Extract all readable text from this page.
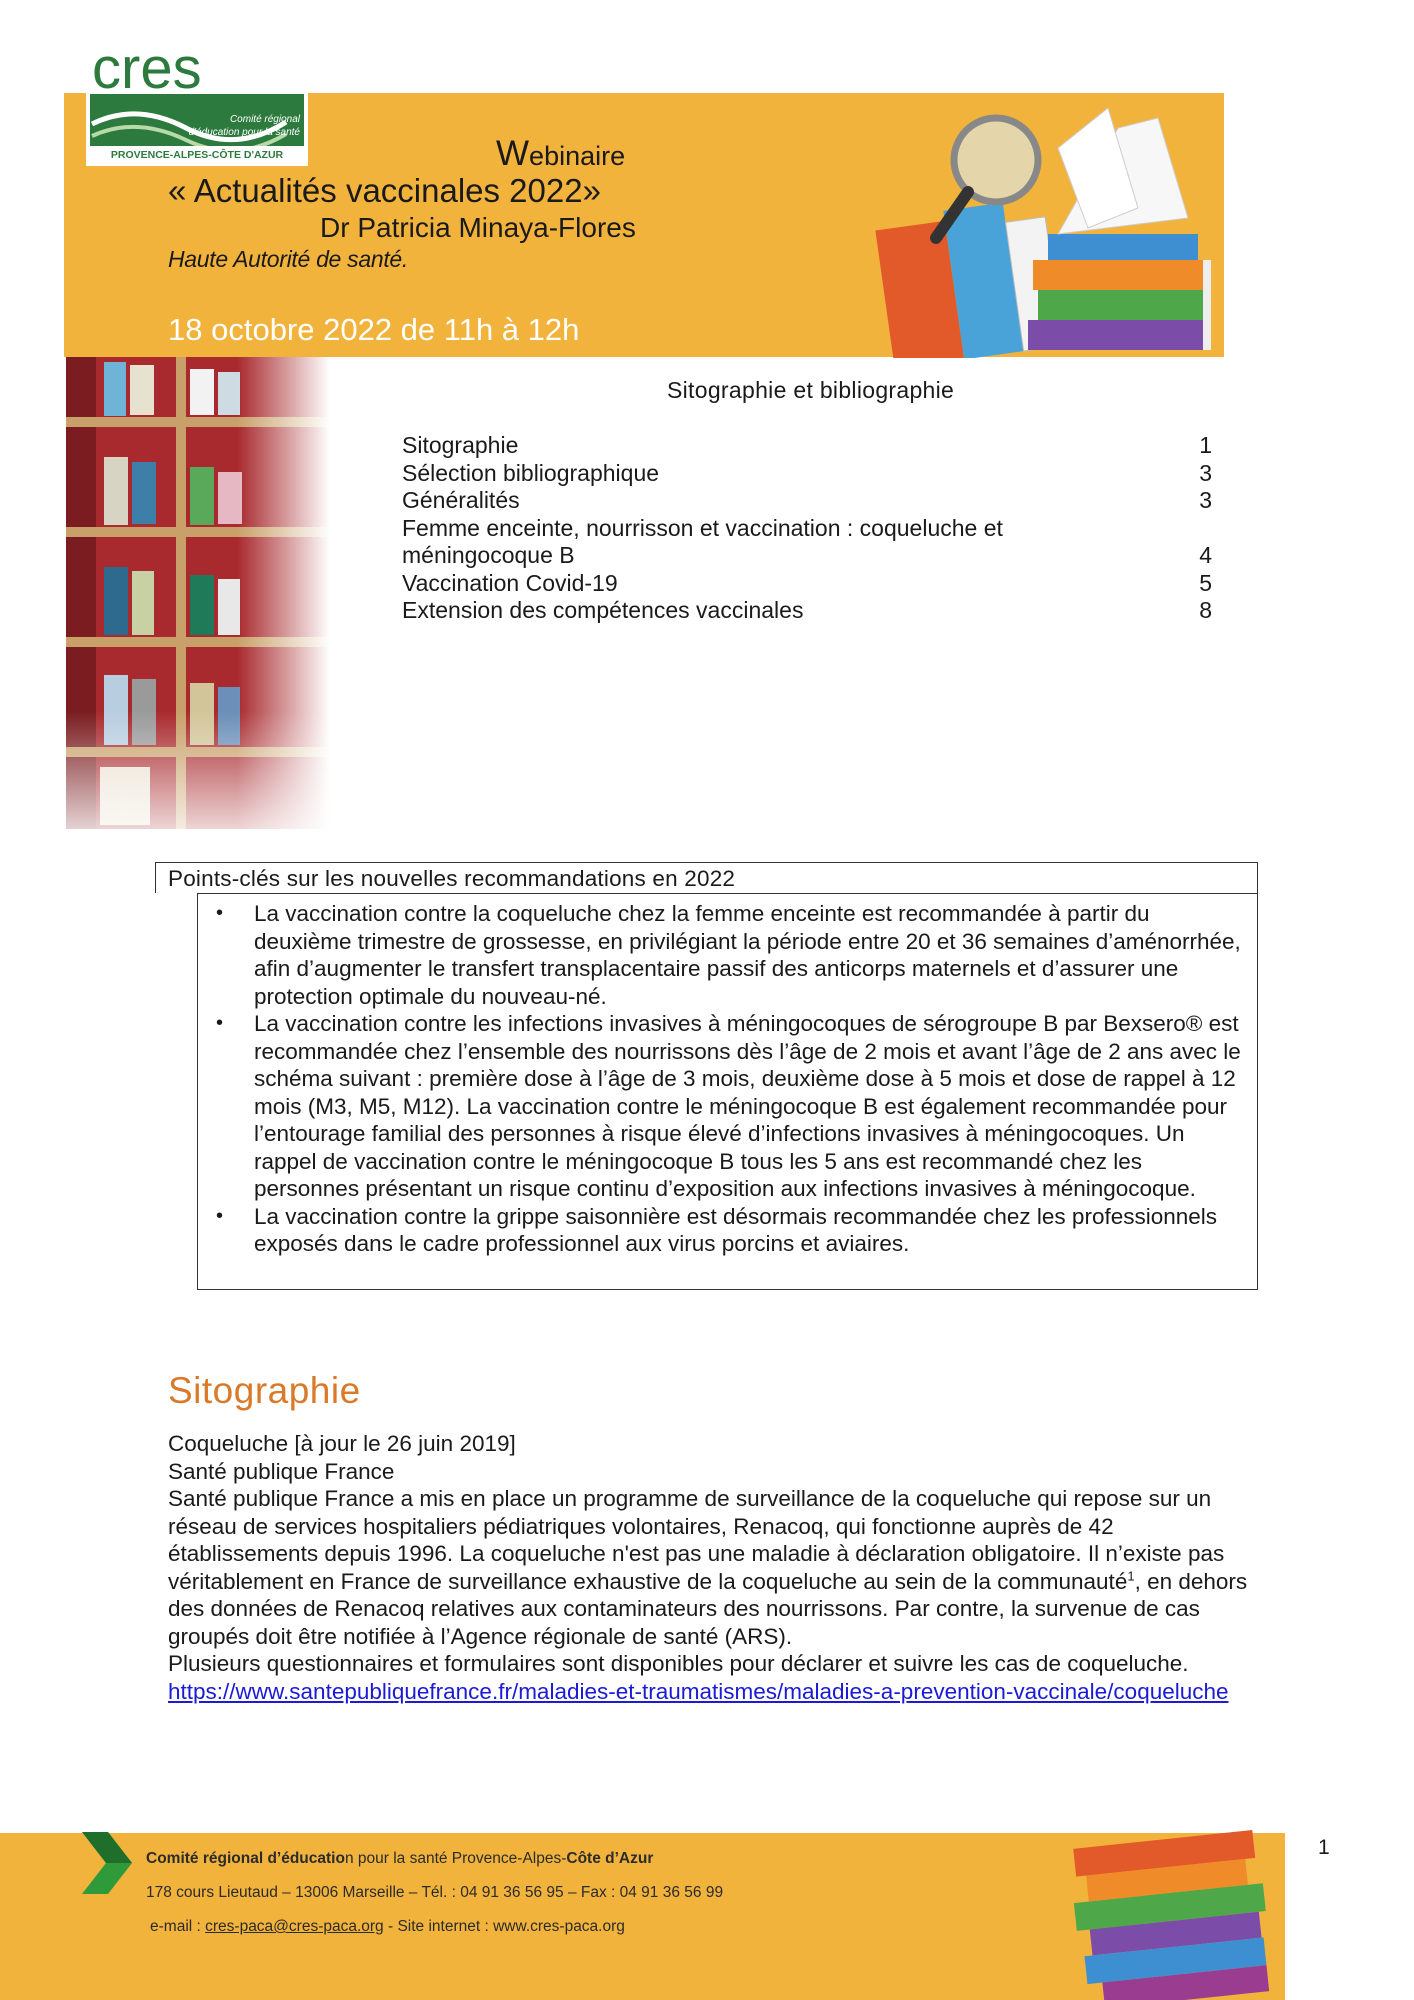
cres
Comité régional
d'éducation pour la santé
PROVENCE-ALPES-CÔTE D'AZUR	Webinaire
« Actualités vaccinales 2022»
Dr Patricia Minaya-Flores
Haute Autorité de santé.
18 octobre 2022 de 11h à 12h
Sitographie et bibliographie
Sitographie	1
Sélection bibliographique	3
Généralités	3
Femme enceinte, nourrisson et vaccination : coqueluche et méningocoque B	4
Vaccination Covid-19	5
Extension des compétences vaccinales	8
Points-clés sur les nouvelles recommandations en 2022
• La vaccination contre la coqueluche chez la femme enceinte est recommandée à partir du deuxième trimestre de grossesse, en privilégiant la période entre 20 et 36 semaines d’aménorrhée, afin d’augmenter le transfert transplacentaire passif des anticorps maternels et d’assurer une protection optimale du nouveau-né.
• La vaccination contre les infections invasives à méningocoques de sérogroupe B par Bexsero® est recommandée chez l’ensemble des nourrissons dès l’âge de 2 mois et avant l’âge de 2 ans avec le schéma suivant : première dose à l’âge de 3 mois, deuxième dose à 5 mois et dose de rappel à 12 mois (M3, M5, M12). La vaccination contre le méningocoque B est également recommandée pour l’entourage familial des personnes à risque élevé d’infections invasives à méningocoques. Un rappel de vaccination contre le méningocoque B tous les 5 ans est recommandé chez les personnes présentant un risque continu d’exposition aux infections invasives à méningocoque.
• La vaccination contre la grippe saisonnière est désormais recommandée chez les professionnels exposés dans le cadre professionnel aux virus porcins et aviaires.
Sitographie

Coqueluche [à jour le 26 juin 2019]

Santé publique France

Santé publique France a mis en place un programme de surveillance de la coqueluche qui repose sur un réseau de services hospitaliers pédiatriques volontaires, Renacoq, qui fonctionne auprès de 42 établissements depuis 1996. La coqueluche n'est pas une maladie à déclaration obligatoire. Il n’existe pas véritablement en France de surveillance exhaustive de la coqueluche au sein de la communauté$^1$, en dehors des données de Renacoq relatives aux contaminateurs des nourrissons. Par contre, la survenue de cas groupés doit être notifiée à l’Agence régionale de santé (ARS).

Plusieurs questionnaires et formulaires sont disponibles pour déclarer et suivre les cas de coqueluche.

https://www.santepubliquefrance.fr/maladies-et-traumatismes/maladies-a-prevention-vaccinale/coqueluche

Comité régional d’éducation pour la santé Provence-Alpes-Côte d’Azur
178 cours Lieutaud – 13006 Marseille – Tél. : 04 91 36 56 95 – Fax : 04 91 36 56 99
e-mail : cres-paca@cres-paca.org - Site internet : www.cres-paca.org
1
